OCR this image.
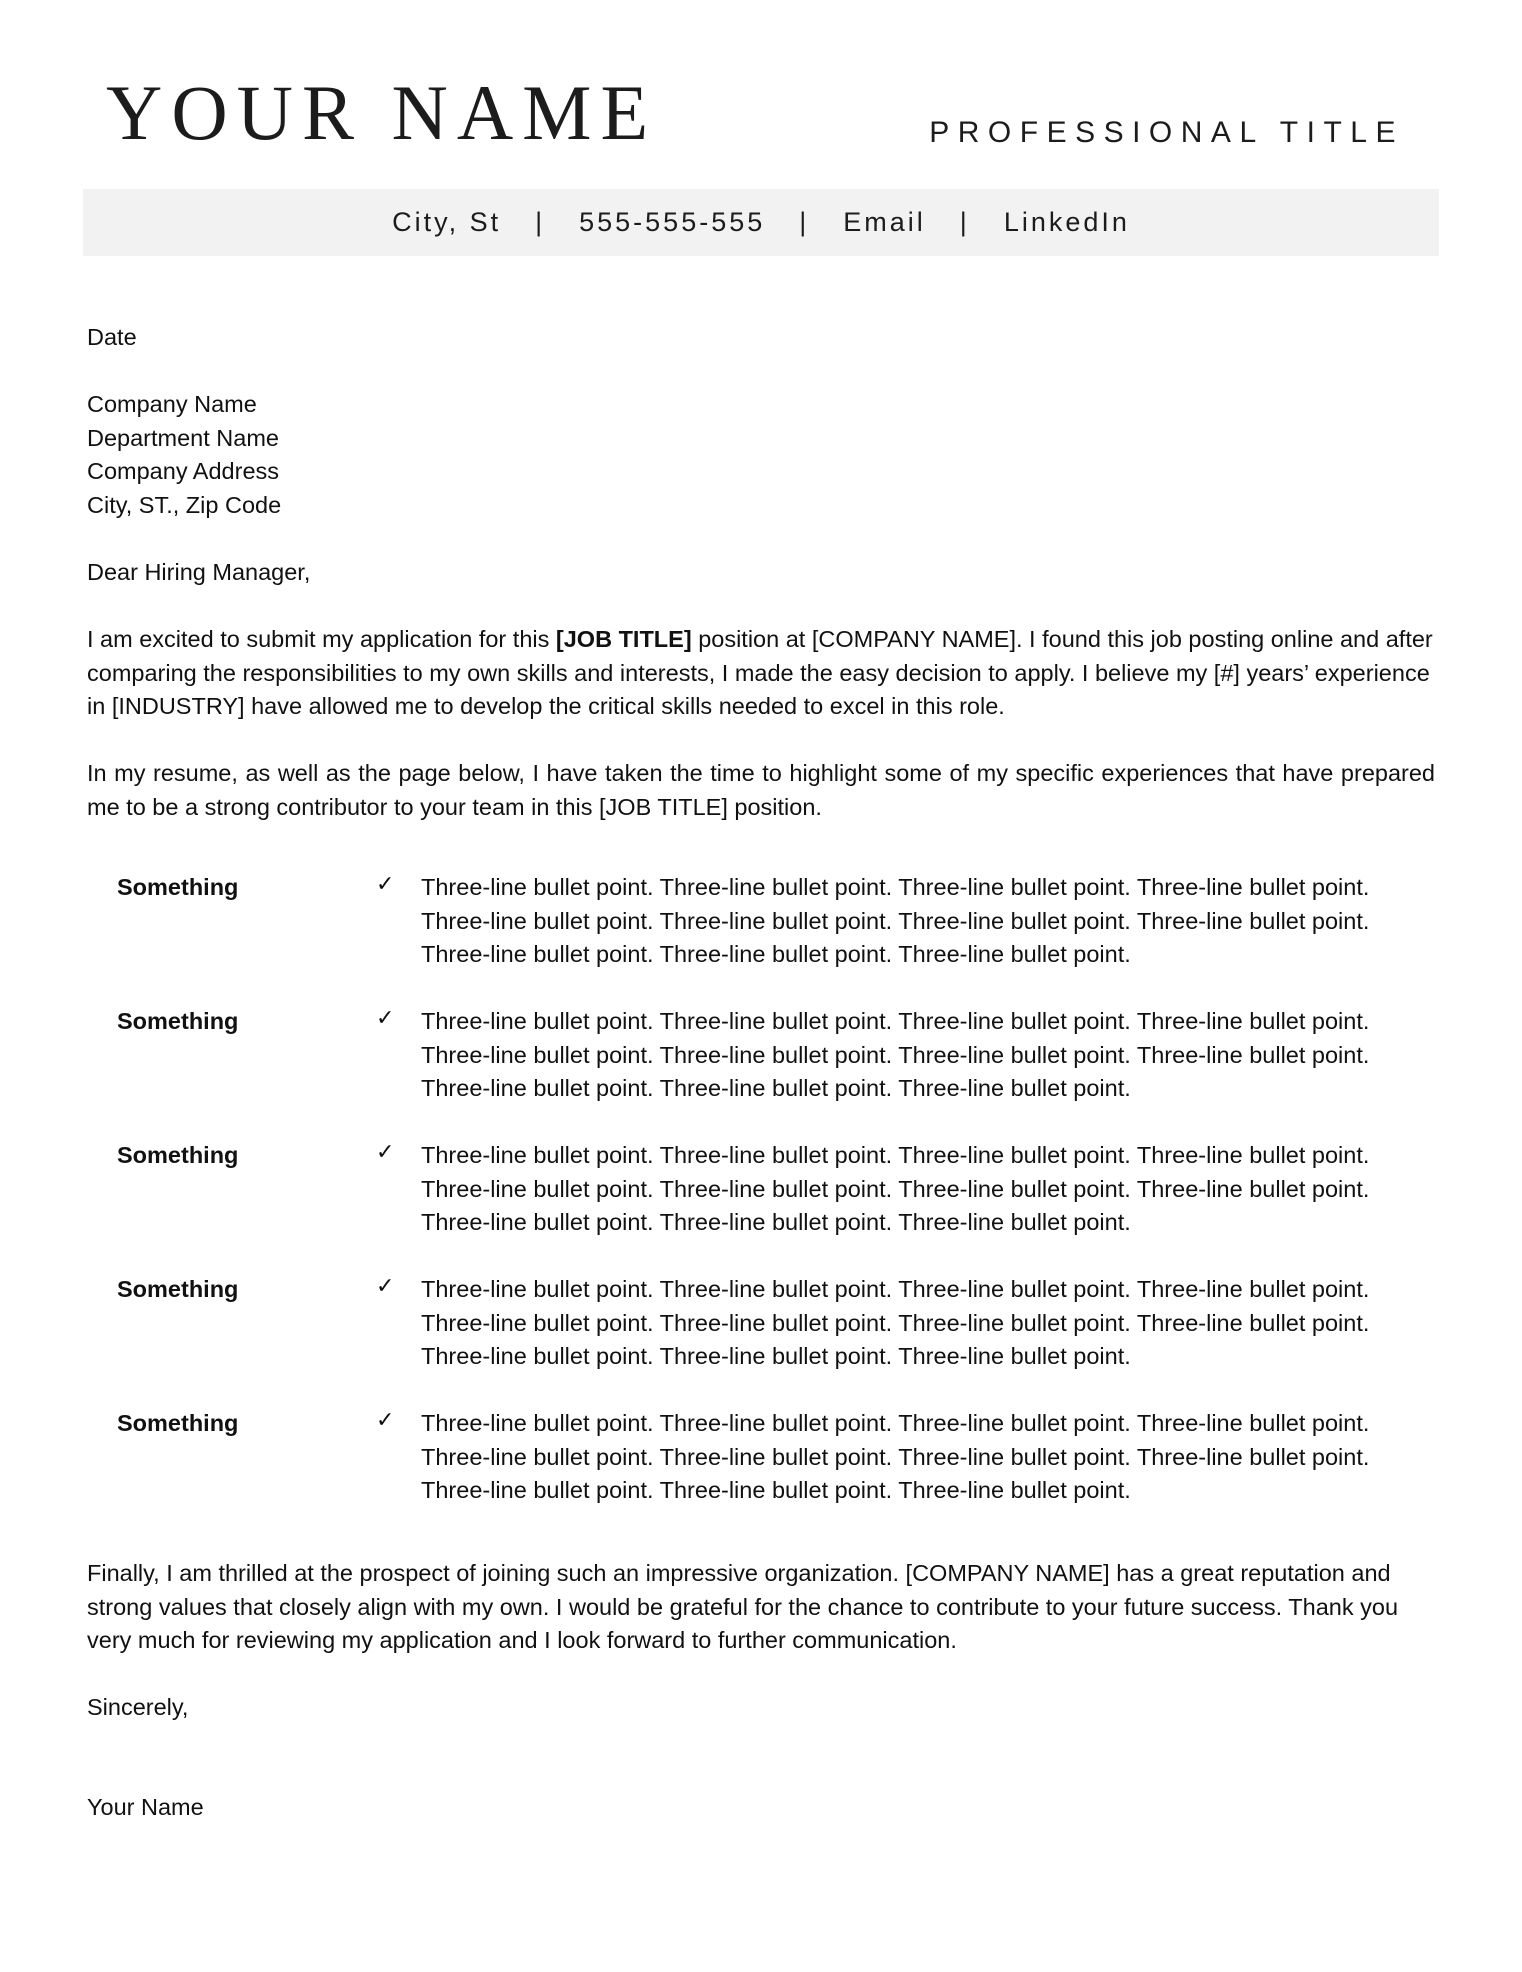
YOUR NAME	PROFESSIONAL TITLE
City, St | 555-555-555 | Email | LinkedIn
Date
Company Name
Department Name
Company Address
City, ST., Zip Code
Dear Hiring Manager,
I am excited to submit my application for this [JOB TITLE] position at [COMPANY NAME]. I found this job posting online and after comparing the responsibilities to my own skills and interests, I made the easy decision to apply. I believe my [#] years’ experience in [INDUSTRY] have allowed me to develop the critical skills needed to excel in this role.
In my resume, as well as the page below, I have taken the time to highlight some of my specific experiences that have prepared me to be a strong contributor to your team in this [JOB TITLE] position.
Something	✓ Three-line bullet point. Three-line bullet point. Three-line bullet point. Three-line bullet point. Three-line bullet point. Three-line bullet point. Three-line bullet point. Three-line bullet point. Three-line bullet point. Three-line bullet point. Three-line bullet point.
Something	✓ Three-line bullet point. Three-line bullet point. Three-line bullet point. Three-line bullet point. Three-line bullet point. Three-line bullet point. Three-line bullet point. Three-line bullet point. Three-line bullet point. Three-line bullet point. Three-line bullet point.
Something	✓ Three-line bullet point. Three-line bullet point. Three-line bullet point. Three-line bullet point. Three-line bullet point. Three-line bullet point. Three-line bullet point. Three-line bullet point. Three-line bullet point. Three-line bullet point. Three-line bullet point.
Something	✓ Three-line bullet point. Three-line bullet point. Three-line bullet point. Three-line bullet point. Three-line bullet point. Three-line bullet point. Three-line bullet point. Three-line bullet point. Three-line bullet point. Three-line bullet point. Three-line bullet point.
Something	✓ Three-line bullet point. Three-line bullet point. Three-line bullet point. Three-line bullet point. Three-line bullet point. Three-line bullet point. Three-line bullet point. Three-line bullet point. Three-line bullet point. Three-line bullet point. Three-line bullet point.
Finally, I am thrilled at the prospect of joining such an impressive organization. [COMPANY NAME] has a great reputation and strong values that closely align with my own. I would be grateful for the chance to contribute to your future success. Thank you very much for reviewing my application and I look forward to further communication.
Sincerely,
Your Name
